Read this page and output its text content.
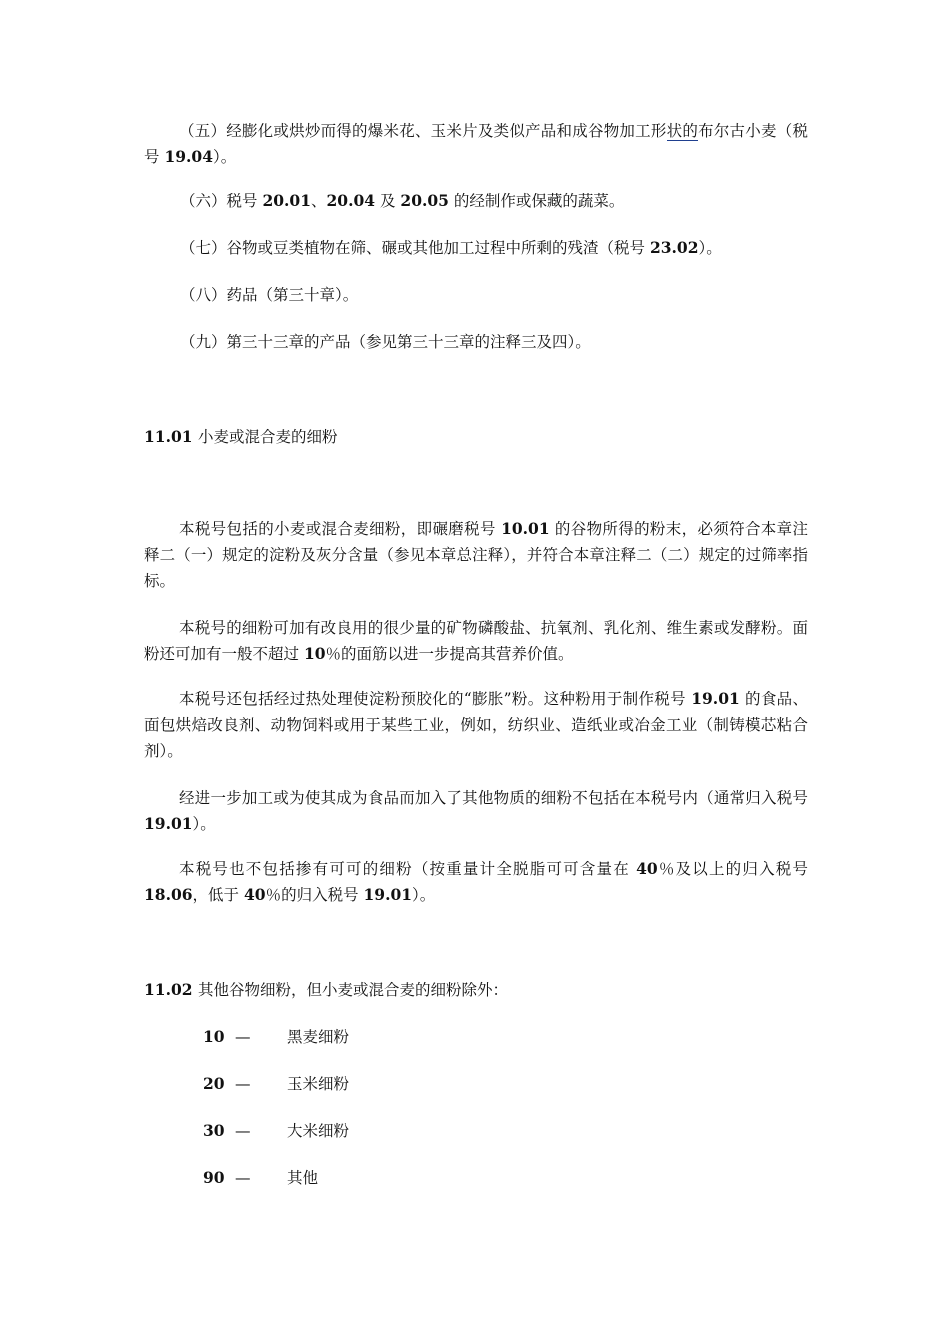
（五）经膨化或烘炒而得的爆米花、玉米片及类似产品和成谷物加工形状的布尔古小麦（税号 19.04）。

（六）税号 20.01、20.04 及 20.05 的经制作或保藏的蔬菜。

（七）谷物或豆类植物在筛、碾或其他加工过程中所剩的残渣（税号 23.02）。

（八）药品（第三十章）。

（九）第三十三章的产品（参见第三十三章的注释三及四）。

11.01 小麦或混合麦的细粉

本税号包括的小麦或混合麦细粉，即碾磨税号 10.01 的谷物所得的粉末，必须符合本章注释二（一）规定的淀粉及灰分含量（参见本章总注释），并符合本章注释二（二）规定的过筛率指标。

本税号的细粉可加有改良用的很少量的矿物磷酸盐、抗氧剂、乳化剂、维生素或发酵粉。面粉还可加有一般不超过 10％的面筋以进一步提高其营养价值。

本税号还包括经过热处理使淀粉预胶化的“膨胀”粉。这种粉用于制作税号 19.01 的食品、面包烘焙改良剂、动物饲料或用于某些工业，例如，纺织业、造纸业或冶金工业（制铸模芯粘合剂）。

经进一步加工或为使其成为食品而加入了其他物质的细粉不包括在本税号内（通常归入税号 19.01）。

本税号也不包括掺有可可的细粉（按重量计全脱脂可可含量在 40％及以上的归入税号 18.06，低于 40％的归入税号 19.01）。

11.02 其他谷物细粉，但小麦或混合麦的细粉除外：

10 — 黑麦细粉

20 — 玉米细粉

30 — 大米细粉

90 — 其他
